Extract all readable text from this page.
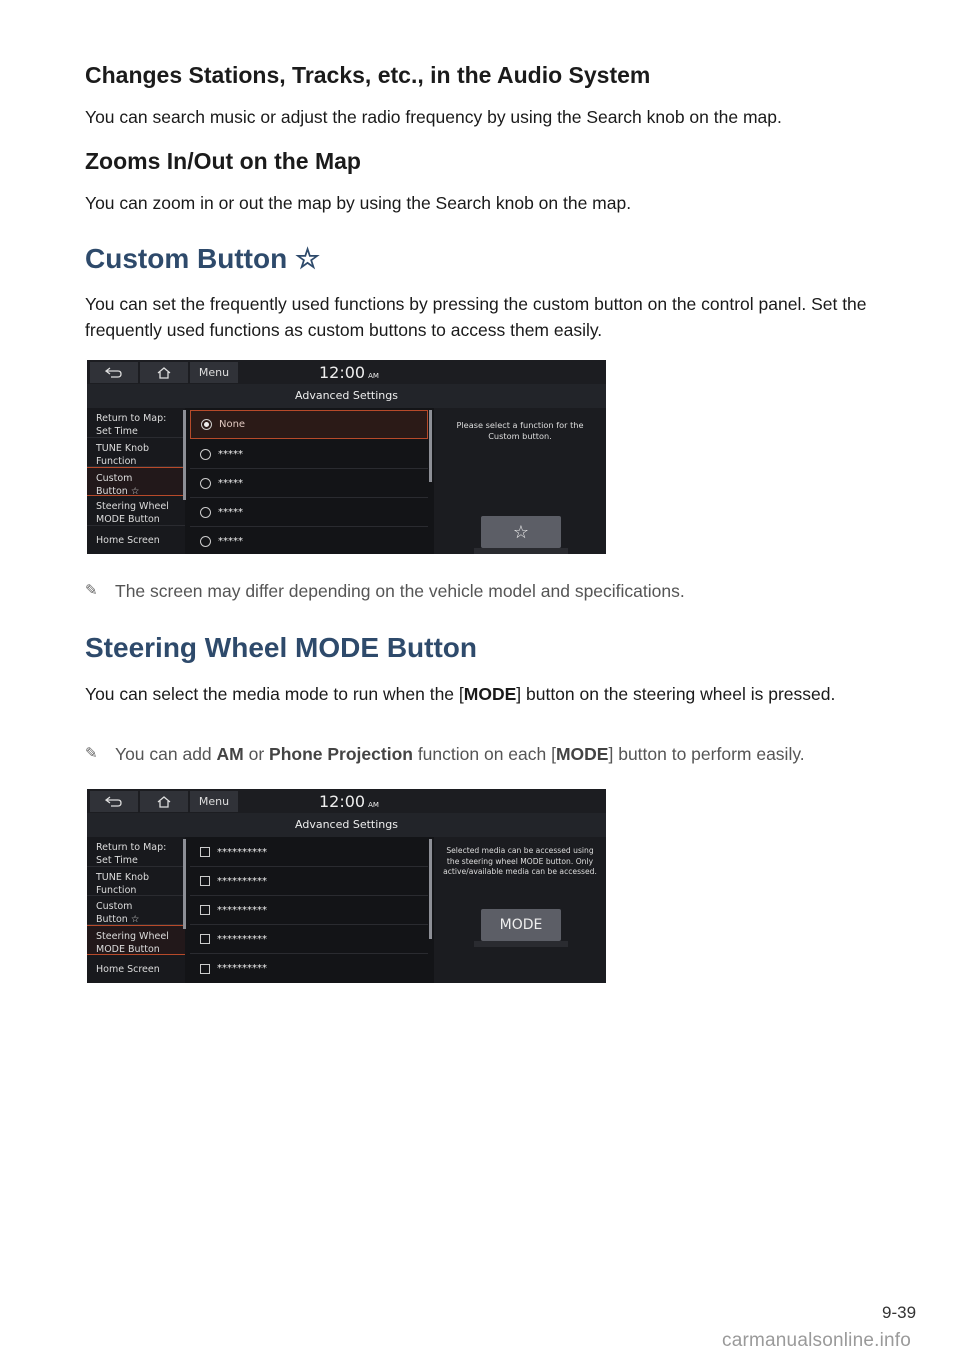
Changes Stations, Tracks, etc., in the Audio System
You can search music or adjust the radio frequency by using the Search knob on the map.
Zooms In/Out on the Map
You can zoom in or out the map by using the Search knob on the map.
Custom Button ☆
You can set the frequently used functions by pressing the custom button on the control panel. Set the frequently used functions as custom buttons to access them easily.
Menu	12:00 AM
Advanced Settings
Return to Map:
Set Time
TUNE Knob
Function
Custom
Button ☆
Steering Wheel
MODE Button
Home Screen
None
*****
*****
*****
*****
Please select a function for the Custom button.
☆
✎ The screen may differ depending on the vehicle model and specifications.
Steering Wheel MODE Button
You can select the media mode to run when the [MODE] button on the steering wheel is pressed.
✎ You can add AM or Phone Projection function on each [MODE] button to perform easily.
Menu	12:00 AM
Advanced Settings
Return to Map:
Set Time
TUNE Knob
Function
Custom
Button ☆
Steering Wheel
MODE Button
Home Screen
**********
**********
**********
**********
**********
Selected media can be accessed using the steering wheel MODE button. Only active/available media can be accessed.
MODE
9-39
carmanualsonline.info
